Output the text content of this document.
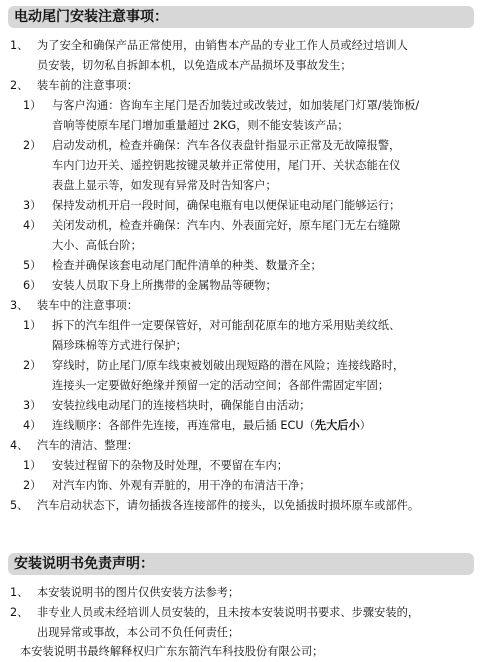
电动尾门安装注意事项：
1、 为了安全和确保产品正常使用，由销售本产品的专业工作人员或经过培训人
员安装，切勿私自拆卸本机，以免造成本产品损坏及事故发生；
2、 装车前的注意事项：
1） 与客户沟通：咨询车主尾门是否加装过或改装过，如加装尾门灯罩/装饰板/
音响等使原车尾门增加重量超过 2KG，则不能安装该产品；
2） 启动发动机，检查并确保：汽车各仪表盘针指显示正常及无故障报警，
车内门边开关、遥控钥匙按键灵敏并正常使用，尾门开、关状态能在仪
表盘上显示等，如发现有异常及时告知客户；
3） 保持发动机开启一段时间，确保电瓶有电以便保证电动尾门能够运行；
4） 关闭发动机，检查并确保：汽车内、外表面完好，原车尾门无左右缝隙
大小、高低台阶；
5） 检查并确保该套电动尾门配件清单的种类、数量齐全；
6） 安装人员取下身上所携带的金属物品等硬物；
3、 装车中的注意事项：
1） 拆下的汽车组件一定要保管好，对可能刮花原车的地方采用贴美纹纸、
隔珍珠棉等方式进行保护；
2） 穿线时，防止尾门/原车线束被划破出现短路的潜在风险；连接线路时，
连接头一定要做好绝缘并预留一定的活动空间；各部件需固定牢固；
3） 安装拉线电动尾门的连接档块时，确保能自由活动；
4） 连线顺序：各部件先连接，再连常电，最后插 ECU（先大后小）
4、 汽车的清洁、整理：
1） 安装过程留下的杂物及时处理，不要留在车内；
2） 对汽车内饰、外观有弄脏的，用干净的布清洁干净；
5、 汽车启动状态下，请勿插拔各连接部件的接头，以免插拔时损坏原车或部件。
安装说明书免责声明：
1、 本安装说明书的图片仅供安装方法参考；
2、 非专业人员或未经培训人员安装的，且未按本安装说明书要求、步骤安装的，
出现异常或事故，本公司不负任何责任；
本安装说明书最终解释权归广东东箭汽车科技股份有限公司；
